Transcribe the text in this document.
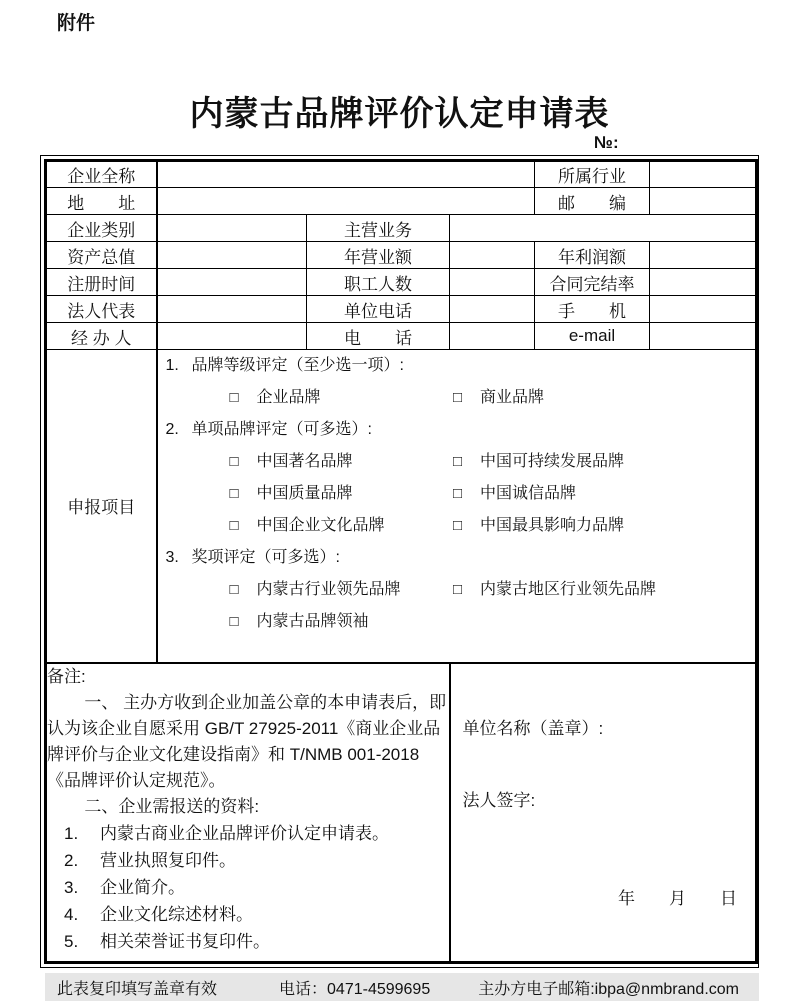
附件
内蒙古品牌评价认定申请表
№:
企业全称				所属行业	
地　　址				邮　　编	
企业类别		主营业务			
资产总值		年营业额		年利润额	
注册时间		职工人数		合同完结率	
法人代表		单位电话		手　　机	
经 办 人		电　　话		e-mail	
申报项目	
1. 品牌等级评定（至少选一项）:
□ 企业品牌	□ 商业品牌
2. 单项品牌评定（可多选）:
□ 中国著名品牌	□ 中国可持续发展品牌
□ 中国质量品牌	□ 中国诚信品牌
□ 中国企业文化品牌	□ 中国最具影响力品牌
3. 奖项评定（可多选）:
□ 内蒙古行业领先品牌	□ 内蒙古地区行业领先品牌
□ 内蒙古品牌领袖

备注:
一、 主办方收到企业加盖公章的本申请表后，即认为该企业自愿采用 GB/T 27925-2011《商业企业品牌评价与企业文化建设指南》和 T/NMB 001-2018《品牌评价认定规范》。
二、企业需报送的资料:
1. 内蒙古商业企业品牌评价认定申请表。
2. 营业执照复印件。
3. 企业简介。
4. 企业文化综述材料。
5. 相关荣誉证书复印件。

单位名称（盖章）:
法人签字:
年　　月　　日
此表复印填写盖章有效	电话：0471-4599695	主办方电子邮箱:ibpa@nmbrand.com
